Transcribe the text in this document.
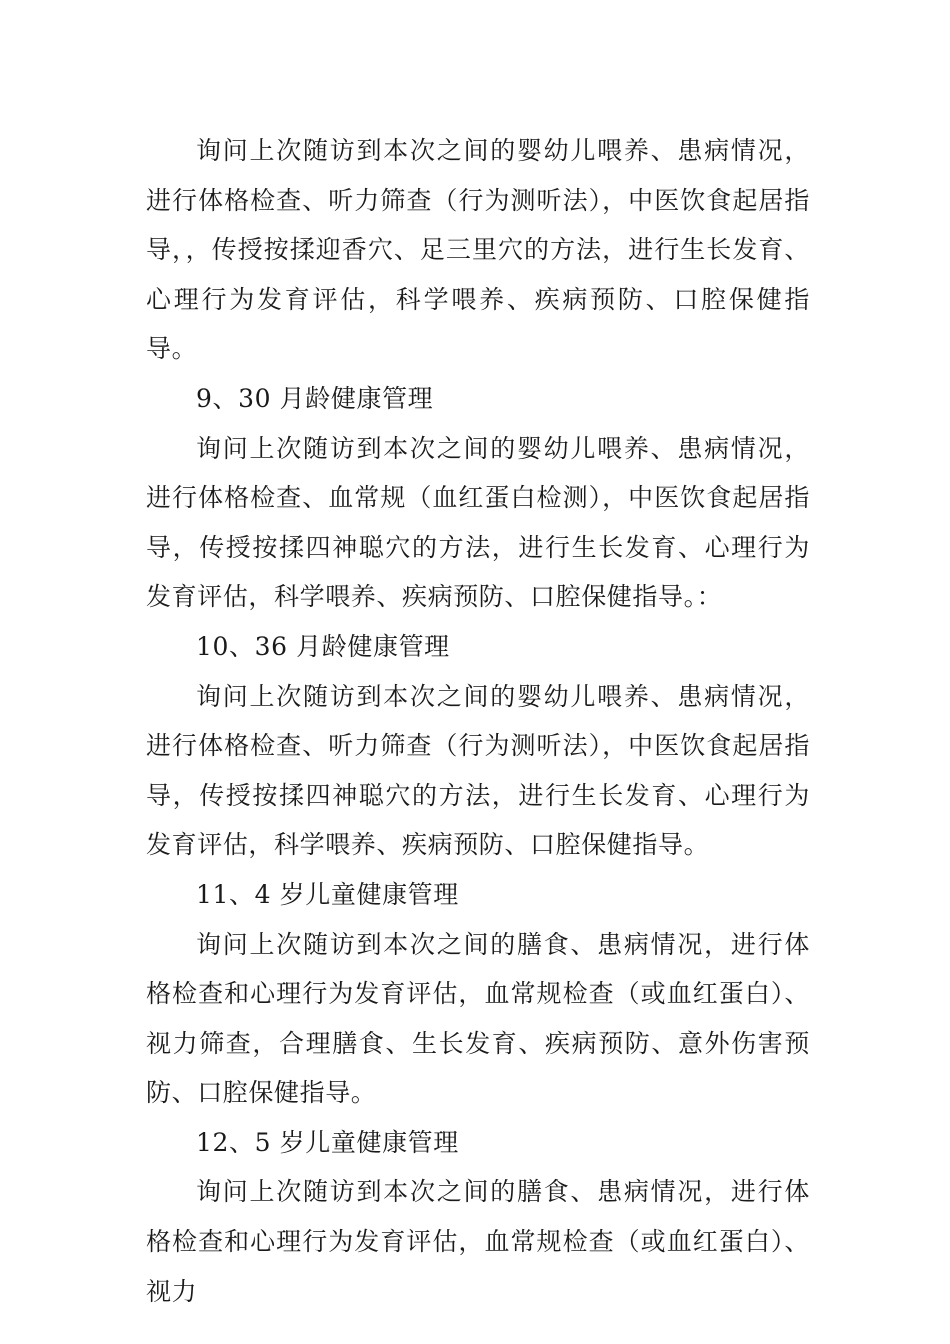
询问上次随访到本次之间的婴幼儿喂养、患病情况，进行体格检查、听力筛查（行为测听法），中医饮食起居指导，，传授按揉迎香穴、足三里穴的方法，进行生长发育、心理行为发育评估，科学喂养、疾病预防、口腔保健指导。

9、30 月龄健康管理

询问上次随访到本次之间的婴幼儿喂养、患病情况，进行体格检查、血常规（血红蛋白检测），中医饮食起居指导，传授按揉四神聪穴的方法，进行生长发育、心理行为发育评估，科学喂养、疾病预防、口腔保健指导。：

10、36 月龄健康管理

询问上次随访到本次之间的婴幼儿喂养、患病情况，进行体格检查、听力筛查（行为测听法），中医饮食起居指导，传授按揉四神聪穴的方法，进行生长发育、心理行为发育评估，科学喂养、疾病预防、口腔保健指导。

11、4 岁儿童健康管理

询问上次随访到本次之间的膳食、患病情况，进行体格检查和心理行为发育评估，血常规检查（或血红蛋白）、视力筛查，合理膳食、生长发育、疾病预防、意外伤害预防、口腔保健指导。

12、5 岁儿童健康管理

询问上次随访到本次之间的膳食、患病情况，进行体格检查和心理行为发育评估，血常规检查（或血红蛋白）、视力
